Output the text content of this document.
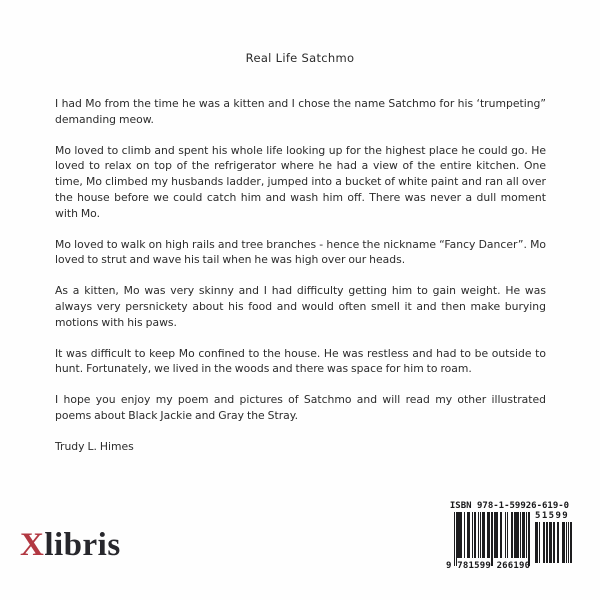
Real Life Satchmo

I had Mo from the time he was a kitten and I chose the name Satchmo for his ‘trumpeting” demanding meow.

Mo loved to climb and spent his whole life looking up for the highest place he could go. He loved to relax on top of the refrigerator where he had a view of the entire kitchen. One time, Mo climbed my husbands ladder, jumped into a bucket of white paint and ran all over the house before we could catch him and wash him off. There was never a dull moment with Mo.

Mo loved to walk on high rails and tree branches - hence the nickname “Fancy Dancer”. Mo loved to strut and wave his tail when he was high over our heads.

As a kitten, Mo was very skinny and I had difficulty getting him to gain weight. He was always very persnickety about his food and would often smell it and then make burying motions with his paws.

It was difficult to keep Mo confined to the house. He was restless and had to be outside to hunt. Fortunately, we lived in the woods and there was space for him to roam.

I hope you enjoy my poem and pictures of Satchmo and will read my other illustrated poems about Black Jackie and Gray the Stray.

Trudy L. Himes

Xlibris
ISBN 978-1-59926-619-0
9 781599 266190
51599
